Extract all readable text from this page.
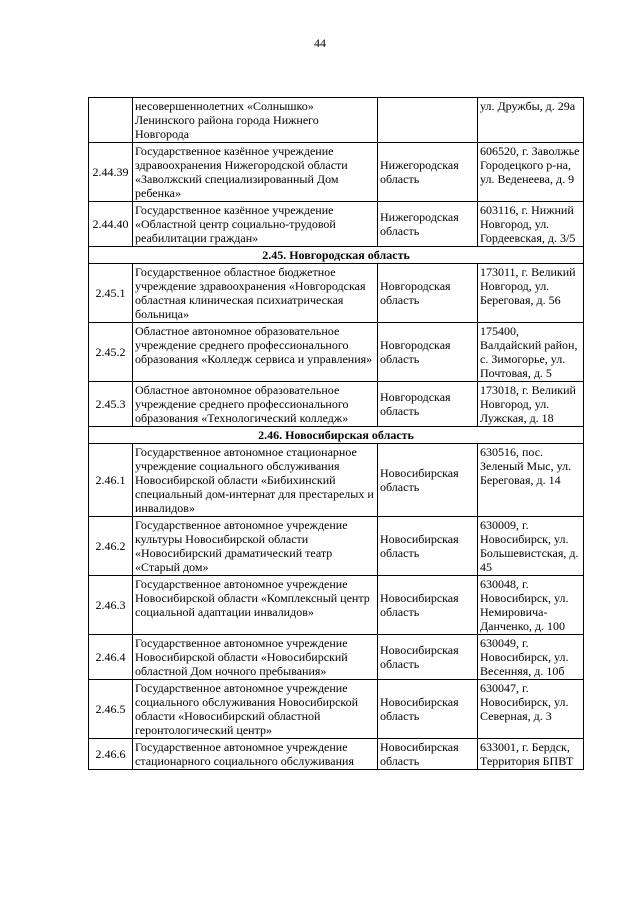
44
	несовершеннолетних «Солнышко» Ленинского района города Нижнего Новгорода		ул. Дружбы, д. 29а
2.44.39	Государственное казённое учреждение здравоохранения Нижегородской области «Заволжский специализированный Дом ребенка»	Нижегородская область	606520, г. Заволжье Городецкого р-на, ул. Веденеева, д. 9
2.44.40	Государственное казённое учреждение «Областной центр социально-трудовой реабилитации граждан»	Нижегородская область	603116, г. Нижний Новгород, ул. Гордеевская, д. 3/5
2.45. Новгородская область			
2.45.1	Государственное областное бюджетное учреждение здравоохранения «Новгородская областная клиническая психиатрическая больница»	Новгородская область	173011, г. Великий Новгород, ул. Береговая, д. 56
2.45.2	Областное автономное образовательное учреждение среднего профессионального образования «Колледж сервиса и управления»	Новгородская область	175400, Валдайский район, с. Зимогорье, ул. Почтовая, д. 5
2.45.3	Областное автономное образовательное учреждение среднего профессионального образования «Технологический колледж»	Новгородская область	173018, г. Великий Новгород, ул. Лужская, д. 18
2.46. Новосибирская область			
2.46.1	Государственное автономное стационарное учреждение социального обслуживания Новосибирской области «Бибихинский специальный дом-интернат для престарелых и инвалидов»	Новосибирская область	630516, пос. Зеленый Мыс, ул. Береговая, д. 14
2.46.2	Государственное автономное учреждение культуры Новосибирской области «Новосибирский драматический театр «Старый дом»	Новосибирская область	630009, г. Новосибирск, ул. Большевистская, д. 45
2.46.3	Государственное автономное учреждение Новосибирской области «Комплексный центр социальной адаптации инвалидов»	Новосибирская область	630048, г. Новосибирск, ул. Немировича-Данченко, д. 100
2.46.4	Государственное автономное учреждение Новосибирской области «Новосибирский областной Дом ночного пребывания»	Новосибирская область	630049, г. Новосибирск, ул. Весенняя, д. 10б
2.46.5	Государственное автономное учреждение социального обслуживания Новосибирской области «Новосибирский областной геронтологический центр»	Новосибирская область	630047, г. Новосибирск, ул. Северная, д. 3
2.46.6	Государственное автономное учреждение стационарного социального обслуживания	Новосибирская область	633001, г. Бердск, Территория БПВТ
